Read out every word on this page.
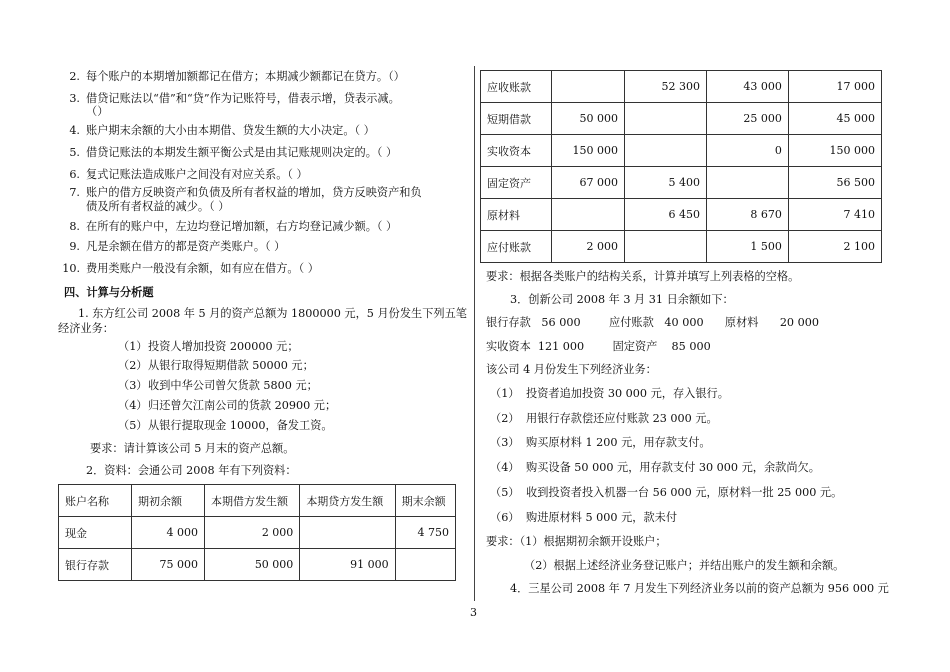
2. 每个账户的本期增加额都记在借方；本期减少额都记在贷方。（）
3. 借贷记账法以“借”和“贷”作为记账符号，借表示增，贷表示减。
（）
4. 账户期末余额的大小由本期借、贷发生额的大小决定。（ ）
5. 借贷记账法的本期发生额平衡公式是由其记账规则决定的。（ ）
6. 复式记账法造成账户之间没有对应关系。（ ）
7. 账户的借方反映资产和负债及所有者权益的增加，贷方反映资产和负
债及所有者权益的减少。（ ）
8. 在所有的账户中，左边均登记增加额，右方均登记减少额。（ ）
9. 凡是余额在借方的都是资产类账户。（ ）
10. 费用类账户一般没有余额，如有应在借方。（ ）
四、计算与分析题
1. 东方红公司 2008 年 5 月的资产总额为 1800000 元，5 月份发生下列五笔
经济业务：
（1）投资人增加投资 200000 元；
（2）从银行取得短期借款 50000 元；
（3）收到中华公司曾欠货款 5800 元；
（4）归还曾欠江南公司的货款 20900 元；
（5）从银行提取现金 10000，备发工资。
要求：请计算该公司 5 月末的资产总额。
2．资料：会通公司 2008 年有下列资料：
账户名称	期初余额	本期借方发生额	本期贷方发生额	期末余额
现金	4 000	2 000		4 750
银行存款	75 000	50 000	91 000	
应收账款		52 300	43 000	17 000
短期借款	50 000		25 000	45 000
实收资本	150 000		0	150 000
固定资产	67 000	5 400		56 500
原材料		6 450	8 670	7 410
应付账款	2 000		1 500	2 100
要求：根据各类账户的结构关系，计算并填写上列表格的空格。
3．创新公司 2008 年 3 月 31 日余额如下：
银行存款   56 000        应付账款   40 000      原材料      20 000
实收资本  121 000        固定资产    85 000
该公司 4 月份发生下列经济业务：
（1） 投资者追加投资 30 000 元，存入银行。
（2） 用银行存款偿还应付账款 23 000 元。
（3） 购买原材料 1 200 元，用存款支付。
（4） 购买设备 50 000 元，用存款支付 30 000 元，余款尚欠。
（5） 收到投资者投入机器一台 56 000 元，原材料一批 25 000 元。
（6） 购进原材料 5 000 元，款未付
要求：（1）根据期初余额开设账户；
（2）根据上述经济业务登记账户；并结出账户的发生额和余额。
4．三星公司 2008 年 7 月发生下列经济业务以前的资产总额为 956 000 元
3
